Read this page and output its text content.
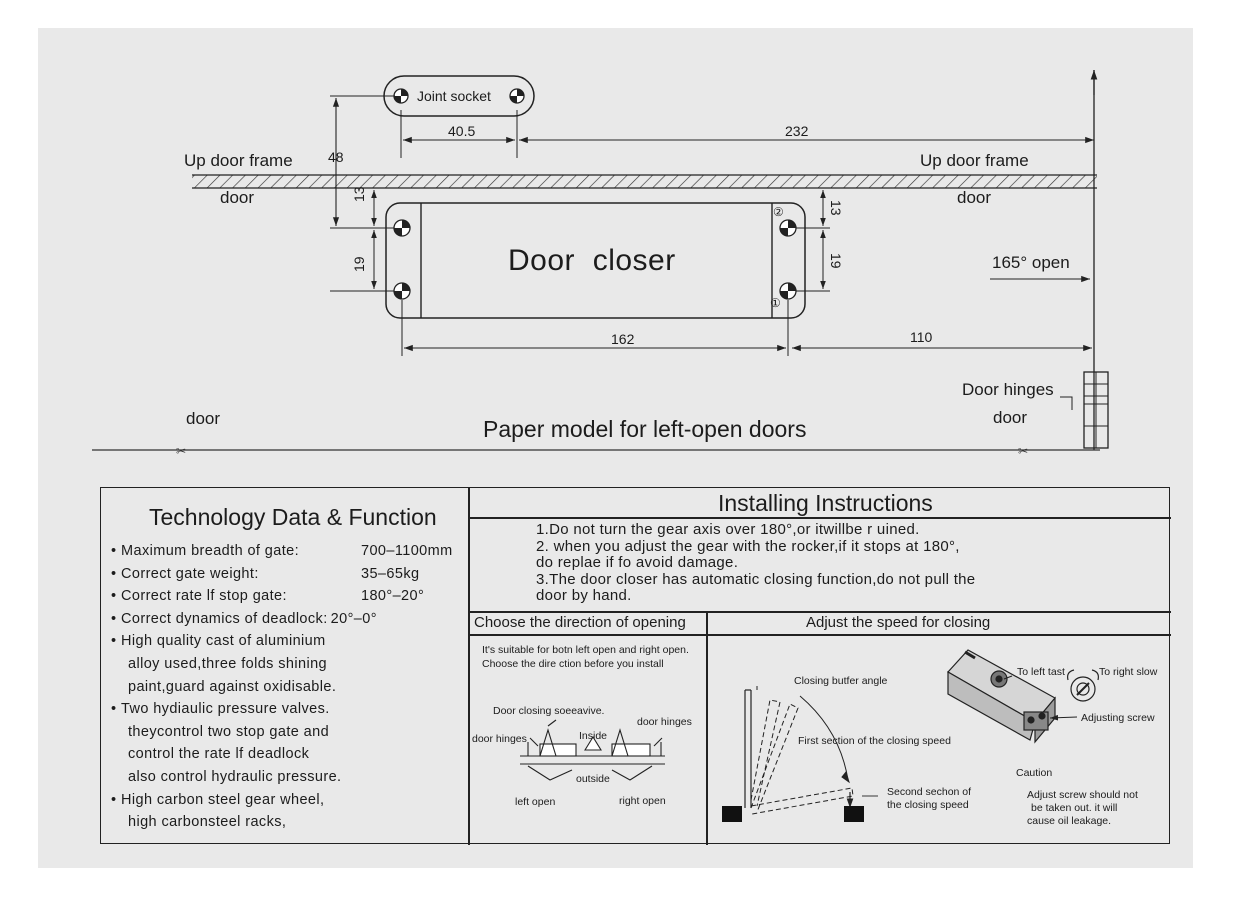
✂	✂
Joint socket
40.5	232
48
Up door frame	Up door frame
door	door
13
19
13
19
②
①
Door  closer	165° open
162	110
Door hinges
door	door
Paper model for left-open doors
Technology Data & Function
• Maximum breadth of gate:	700–1100mm
• Correct gate weight:	35–65kg
• Correct rate lf stop gate:	180°–20°
• Correct dynamics of deadlock: 20°–0°
• High quality cast of aluminium
alloy used,three folds shining
paint,guard against oxidisable.
• Two hydiaulic pressure valves.
theycontrol two stop gate and
control the rate lf deadlock
also control hydraulic pressure.
• High carbon steel gear wheel,
high carbonsteel racks,
Installing Instructions
1.Do not turn the gear axis over 180°,or itwillbe r uined.
2. when you adjust the gear with the rocker,if it stops at 180°,
do replae if fo avoid damage.
3.The door closer has automatic closing function,do not pull the
door by hand.
Choose the direction of opening	Adjust the speed for closing
It's suitable for botn left open and right open.
Choose the dire ction before you install
Door closing soeeavive.
door hinges
door hinges	Inside
outside
left open	right open
Closing butfer angle
First section of the closing speed
Second sechon of
the closing speed
To left tast	To right slow
Adjusting screw
Caution
Adjust screw should not
be taken out. it will
cause oil leakage.
